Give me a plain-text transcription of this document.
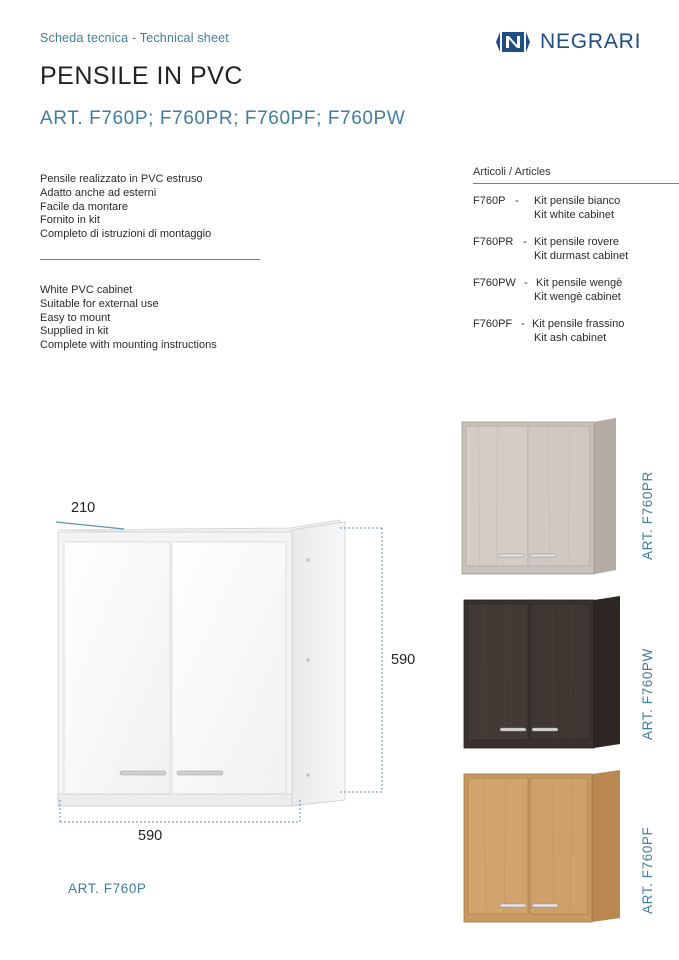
Scheda tecnica - Technical sheet
PENSILE IN PVC
ART. F760P; F760PR; F760PF; F760PW
NEGRARI
Pensile realizzato in PVC estruso
Adatto anche ad esterni
Facile da montare
Fornito in kit
Completo di istruzioni di montaggio
White PVC cabinet
Suitable for external use
Easy to mount
Supplied in kit
Complete with mounting instructions
Articoli / Articles
F760P - Kit pensile bianco
Kit white cabinet
F760PR - Kit pensile rovere
Kit durmast cabinet
F760PW - Kit pensile wengè
Kit wengè cabinet
F760PF - Kit pensile frassino
Kit ash cabinet
210
590
590
ART. F760P
ART. F760PR
ART. F760PW
ART. F760PF
